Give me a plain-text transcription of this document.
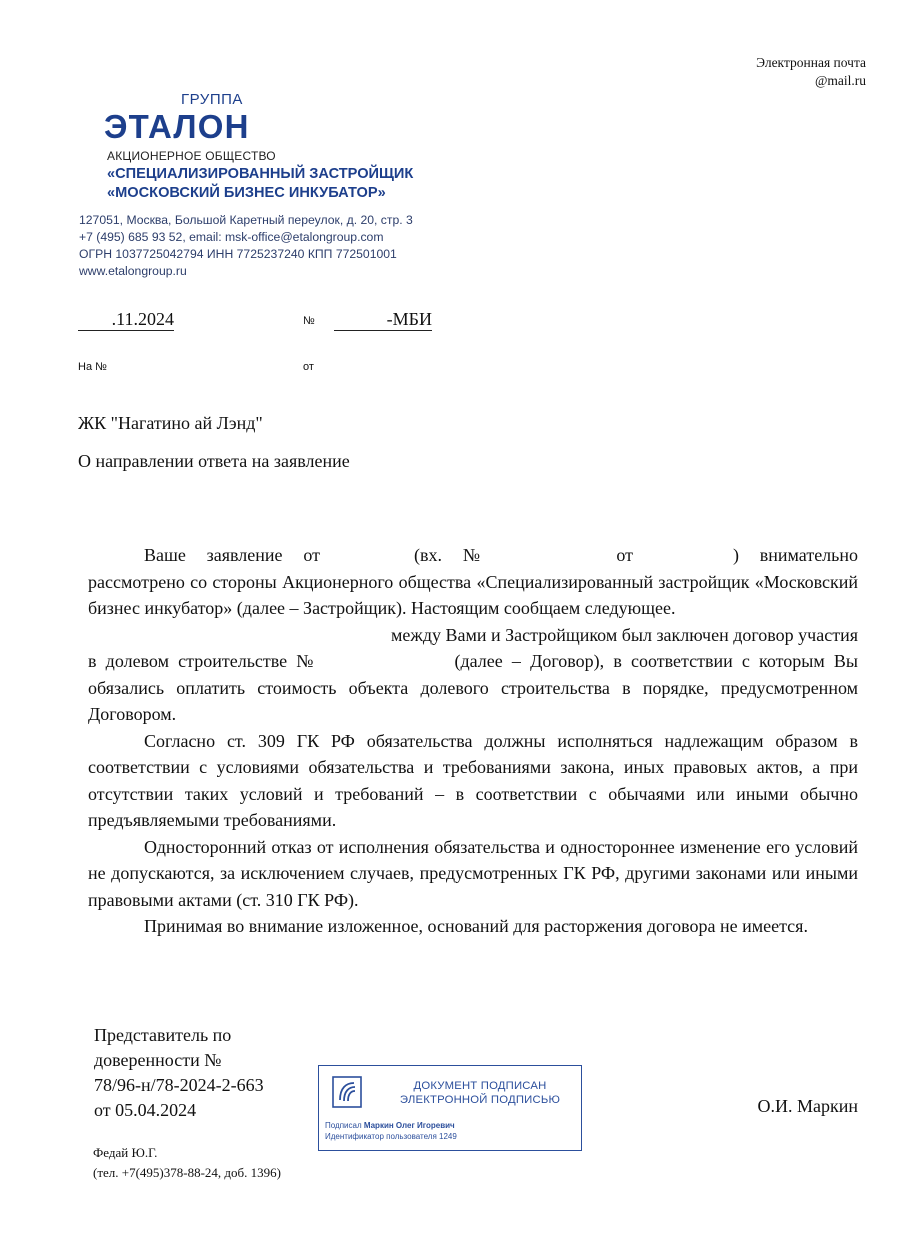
Электронная почта
@mail.ru
ГРУППА
ЭТАЛОН
АКЦИОНЕРНОЕ ОБЩЕСТВО
«СПЕЦИАЛИЗИРОВАННЫЙ ЗАСТРОЙЩИК
«МОСКОВСКИЙ БИЗНЕС ИНКУБАТОР»
127051, Москва, Большой Каретный переулок, д. 20, стр. 3
+7 (495) 685 93 52, email: msk-office@etalongroup.com
ОГРН 1037725042794 ИНН 7725237240 КПП 772501001
www.etalongroup.ru
.11.2024	№	-МБИ
На №	от
ЖК "Нагатино ай Лэнд"
О направлении ответа на заявление

Ваше заявление от	(вх. №	от	) внимательно

рассмотрено со стороны Акционерного общества «Специализированный застройщик «Московский бизнес инкубатор» (далее – Застройщик). Настоящим сообщаем следующее.

между Вами и Застройщиком был заключен договор участия

в долевом строительстве №	(далее – Договор), в соответствии с которым Вы обязались оплатить стоимость объекта долевого строительства в порядке, предусмотренном Договором.

Согласно ст. 309 ГК РФ обязательства должны исполняться надлежащим образом в соответствии с условиями обязательства и требованиями закона, иных правовых актов, а при отсутствии таких условий и требований – в соответствии с обычаями или иными обычно предъявляемыми требованиями.

Односторонний отказ от исполнения обязательства и одностороннее изменение его условий не допускаются, за исключением случаев, предусмотренных ГК РФ, другими законами или иными правовыми актами (ст. 310 ГК РФ).

Принимая во внимание изложенное, оснований для расторжения договора не имеется.

Представитель по
доверенности №
78/96-н/78-2024-2-663
от 05.04.2024
ДОКУМЕНТ ПОДПИСАН
ЭЛЕКТРОННОЙ ПОДПИСЬЮ
Подписал Маркин Олег Игоревич
Идентификатор пользователя 1249
О.И. Маркин
Федай Ю.Г.
(тел. +7(495)378-88-24, доб. 1396)
